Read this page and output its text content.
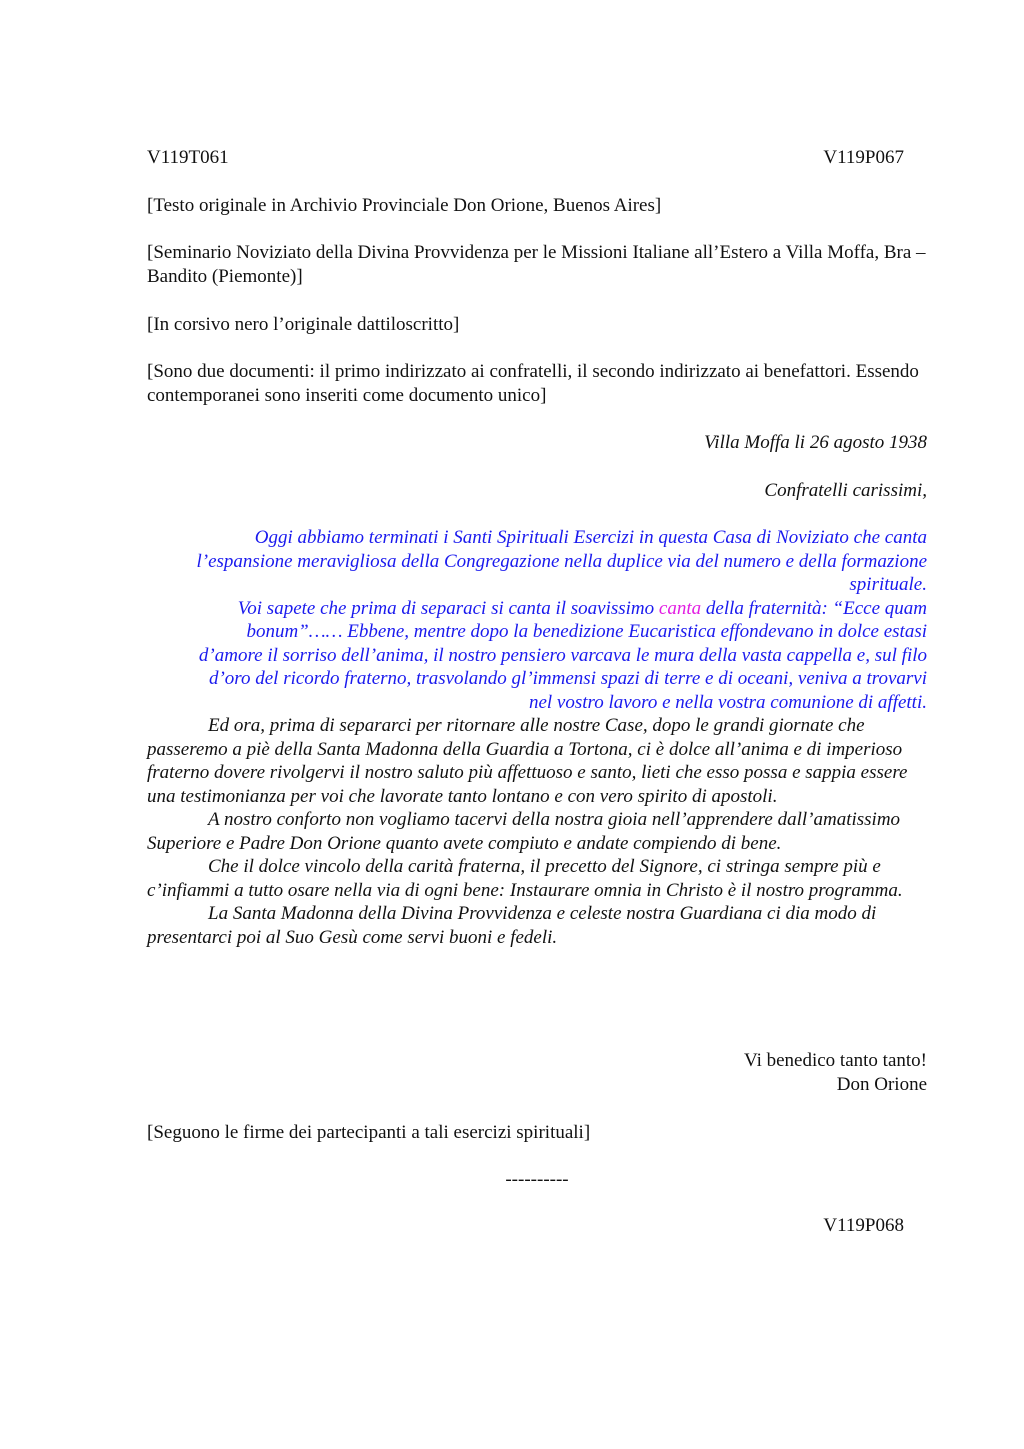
V119T061	V119P067

[Testo originale in Archivio Provinciale Don Orione, Buenos Aires]

[Seminario Noviziato della Divina Provvidenza per le Missioni Italiane all’Estero a Villa Moffa, Bra – Bandito (Piemonte)]

[In corsivo nero l’originale dattiloscritto]

[Sono due documenti: il primo indirizzato ai confratelli, il secondo indirizzato ai benefattori. Essendo contemporanei sono inseriti come documento unico]

Villa Moffa li 26 agosto 1938

Confratelli carissimi,

Oggi abbiamo terminati i Santi Spirituali Esercizi in questa Casa di Noviziato che canta l’espansione meravigliosa della Congregazione nella duplice via del numero e della formazione spirituale.

Voi sapete che prima di separaci si canta il soavissimo canta della fraternità: “Ecce quam bonum”…… Ebbene, mentre dopo la benedizione Eucaristica effondevano in dolce estasi d’amore il sorriso dell’anima, il nostro pensiero varcava le mura della vasta cappella e, sul filo d’oro del ricordo fraterno, trasvolando gl’immensi spazi di terre e di oceani, veniva a trovarvi nel vostro lavoro e nella vostra comunione di affetti.

Ed ora, prima di separarci per ritornare alle nostre Case, dopo le grandi giornate che passeremo a piè della Santa Madonna della Guardia a Tortona, ci è dolce all’anima e di imperioso fraterno dovere rivolgervi il nostro saluto più affettuoso e santo, lieti che esso possa e sappia essere una testimonianza per voi che lavorate tanto lontano e con vero spirito di apostoli.

A nostro conforto non vogliamo tacervi della nostra gioia nell’apprendere dall’amatissimo Superiore e Padre Don Orione quanto avete compiuto e andate compiendo di bene.

Che il dolce vincolo della carità fraterna, il precetto del Signore, ci stringa sempre più e c’infiammi a tutto osare nella via di ogni bene: Instaurare omnia in Christo è il nostro programma.

La Santa Madonna della Divina Provvidenza e celeste nostra Guardiana ci dia modo di presentarci poi al Suo Gesù come servi buoni e fedeli.

Vi benedico tanto tanto!

Don Orione

[Seguono le firme dei partecipanti a tali esercizi spirituali]

----------

V119P068
